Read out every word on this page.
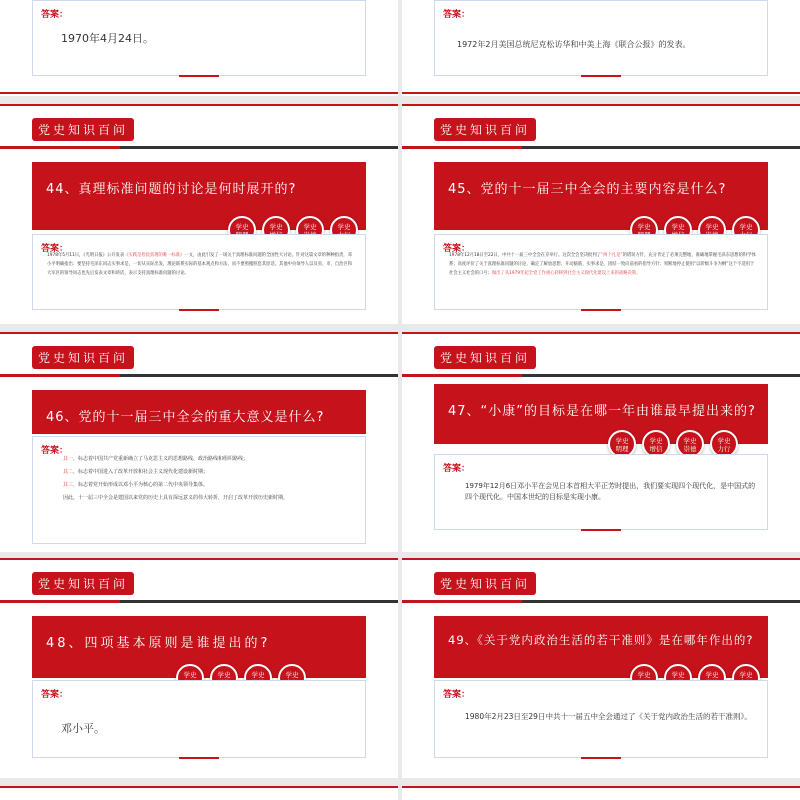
答案：
1970年4月24日。
答案：
1972年2月美国总统尼克松访华和中美上海《联合公报》的发表。
党史知识百问
44、真理标准问题的讨论是何时展开的?
学史	学史	学史	学史

答案：
1978年5月11日，《光明日报》公开发表《实践是检验真理的唯一标准》一文，由此引发了一场关于真理标准问题的全国性大讨论。针对这篇文章的种种指责，邓小平明确指出：要坚持毛泽东同志实事求是，一切从实际出发，理论联系实际的基本观点和方法，而不要照搬照套其原话。其他中央领导人以及省、市、自治区和大军区的领导同志也先后发表文章和讲话，表示支持真理标准问题的讨论。
党史知识百问
45、党的十一届三中全会的主要内容是什么?
学史	学史	学史	学史

答案：
1978年12月18日至22日，中共十一届三中全会在京举行。这次全会坚决批判了“两个凡是”的错误方针，充分肯定了必须完整地、准确地掌握毛泽东思想的科学体系；高度评价了关于真理标准问题的讨论，确定了解放思想、开动脑筋、实事求是、团结一致向前看的指导方针；果断地停止使用“以阶级斗争为纲”这个不适用于社会主义社会的口号；做出了从1979年起全党工作重心转移到社会主义现代化建设上来的战略决策。
党史知识百问
46、党的十一届三中全会的重大意义是什么?
答案：
其一，标志着中国共产党重新确立了马克思主义的思想路线、政治路线和组织路线；
其二，标志着中国进入了改革开放和社会主义现代化建设新时期；
其三，标志着党开始形成以邓小平为核心的第二代中央领导集体。
因此，十一届三中全会是建国以来党的历史上具有深远意义的伟大转折，开启了改革开放历史新时期。
党史知识百问
47、“小康”的目标是在哪一年由谁最早提出来的?
学史
明理
学史
增信
学史
崇德
学史
力行
答案：
1979年12月6日邓小平在会见日本首相大平正芳时提出，我们要实现四个现代化，是中国式的四个现代化。中国本世纪的目标是实现小康。
党史知识百问
48、四项基本原则是谁提出的?
学史	学史	学史	学史

答案：
邓小平。
党史知识百问
49、《关于党内政治生活的若干准则》是在哪年作出的?
学史	学史	学史	学史

答案：
1980年2月23日至29日中共十一届五中全会通过了《关于党内政治生活的若干准则》。
